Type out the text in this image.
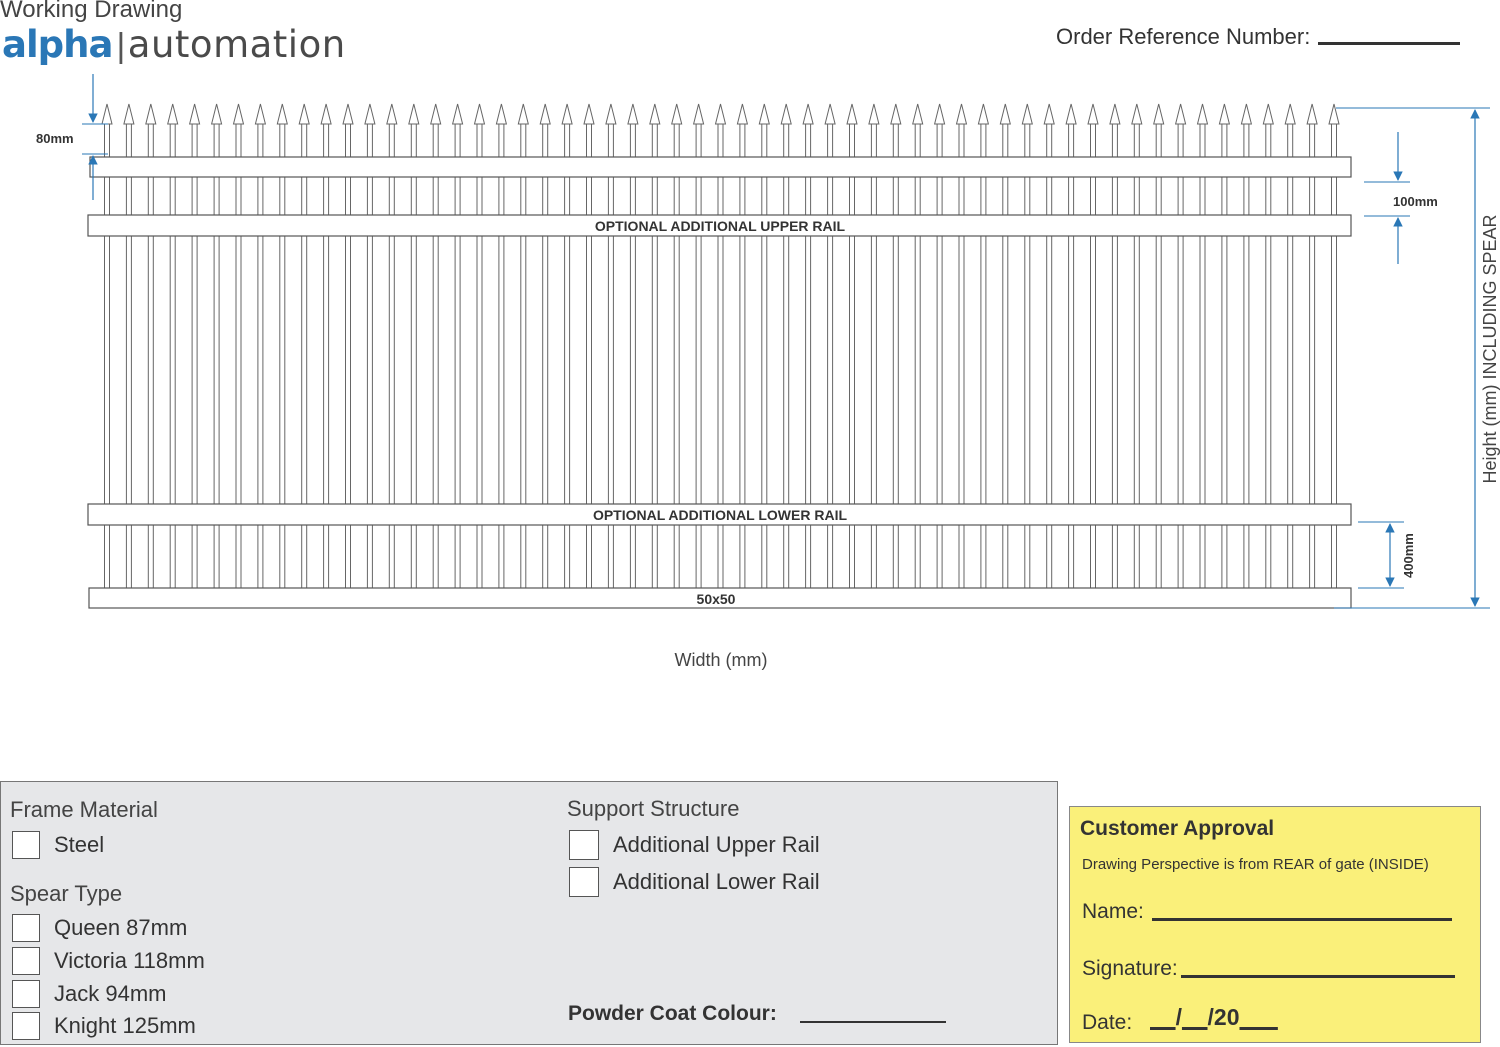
Working Drawing
alpha |automation	Order Reference Number:
OPTIONAL ADDITIONAL UPPER RAIL
OPTIONAL ADDITIONAL LOWER RAIL
50x50
80mm
100mm
400mm
Height (mm) INCLUDING SPEAR
Width (mm)
Frame Material
Steel
Spear Type
Queen 87mm
Victoria 118mm
Jack 94mm
Knight 125mm
Support Structure
Additional Upper Rail
Additional Lower Rail
Powder Coat Colour:
Customer Approval
Drawing Perspective is from REAR of gate (INSIDE)
Name:
Signature:
Date:	/ /20
